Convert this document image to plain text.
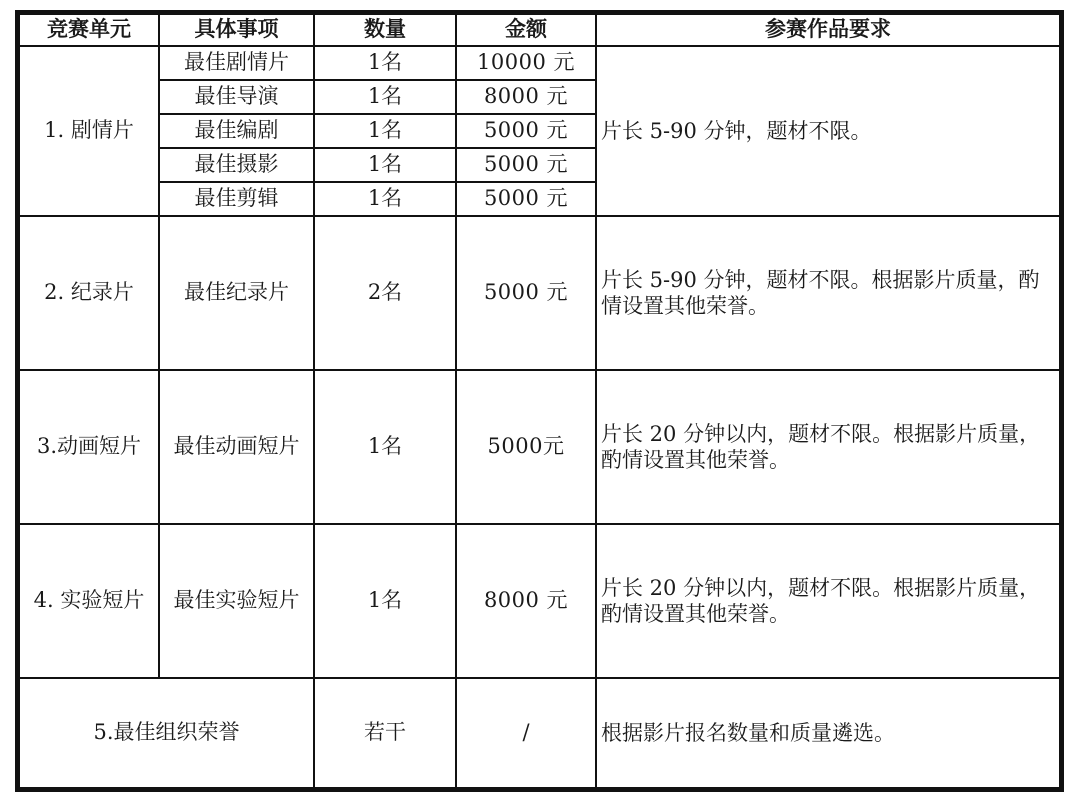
竞赛单元	具体事项	数量	金额	参赛作品要求
1. 剧情片	最佳剧情片	1名	10000 元	片长 5-90 分钟，题材不限。
	最佳导演	1名	8000 元	
	最佳编剧	1名	5000 元	
	最佳摄影	1名	5000 元	
	最佳剪辑	1名	5000 元	
2. 纪录片	最佳纪录片	2名	5000 元	片长 5-90 分钟，题材不限。根据影片质量，酌情设置其他荣誉。
3.动画短片	最佳动画短片	1名	5000元	片长 20 分钟以内，题材不限。根据影片质量，酌情设置其他荣誉。
4. 实验短片	最佳实验短片	1名	8000 元	片长 20 分钟以内，题材不限。根据影片质量，酌情设置其他荣誉。
5.最佳组织荣誉		若干	/	根据影片报名数量和质量遴选。
